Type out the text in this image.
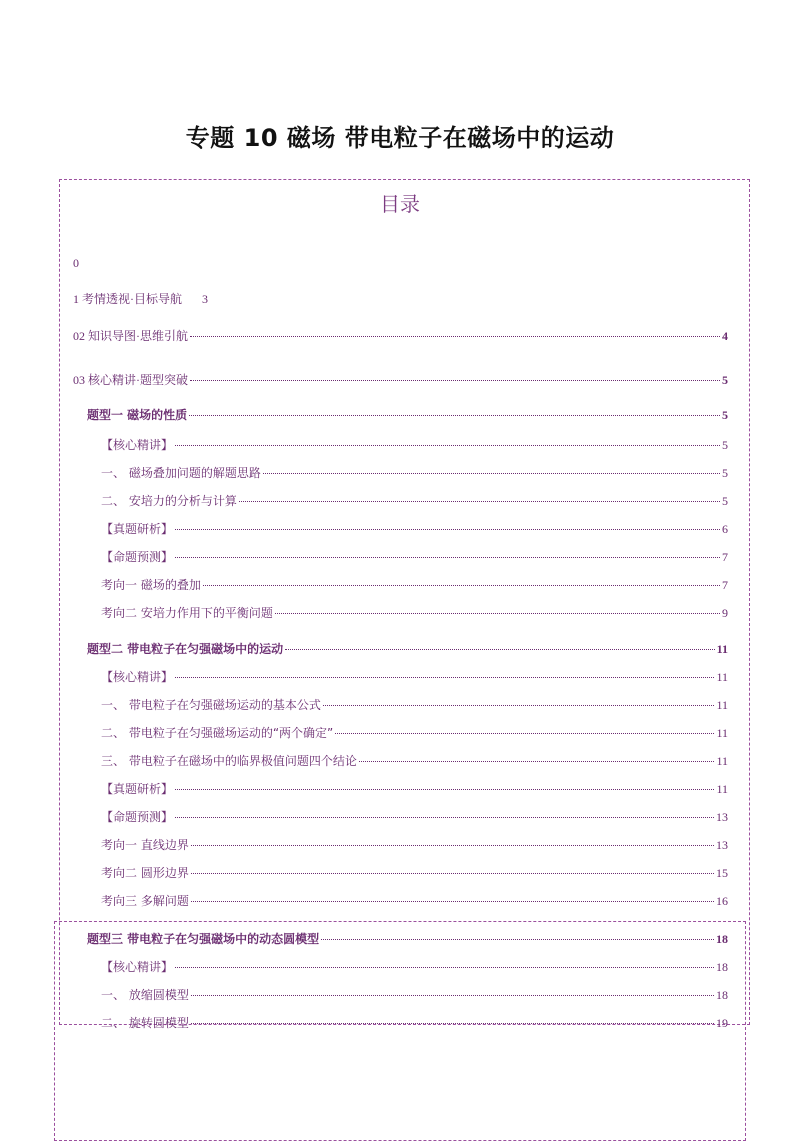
专题 10 磁场 带电粒子在磁场中的运动
目录
0
1 考情透视·目标导航 3
02 知识导图·思维引航	4
03 核心精讲·题型突破	5
题型一 磁场的性质	5
【核心精讲】	5
一、 磁场叠加问题的解题思路	5
二、 安培力的分析与计算	5
【真题研析】	6
【命题预测】	7
考向一 磁场的叠加	7
考向二 安培力作用下的平衡问题	9
题型二 带电粒子在匀强磁场中的运动	11
【核心精讲】	11
一、 带电粒子在匀强磁场运动的基本公式	11
二、 带电粒子在匀强磁场运动的“两个确定”	11
三、 带电粒子在磁场中的临界极值问题四个结论	11
【真题研析】	11
【命题预测】	13
考向一 直线边界	13
考向二 圆形边界	15
考向三 多解问题	16
题型三 带电粒子在匀强磁场中的动态圆模型	18
【核心精讲】	18
一、 放缩圆模型	18
二、 旋转圆模型	19
